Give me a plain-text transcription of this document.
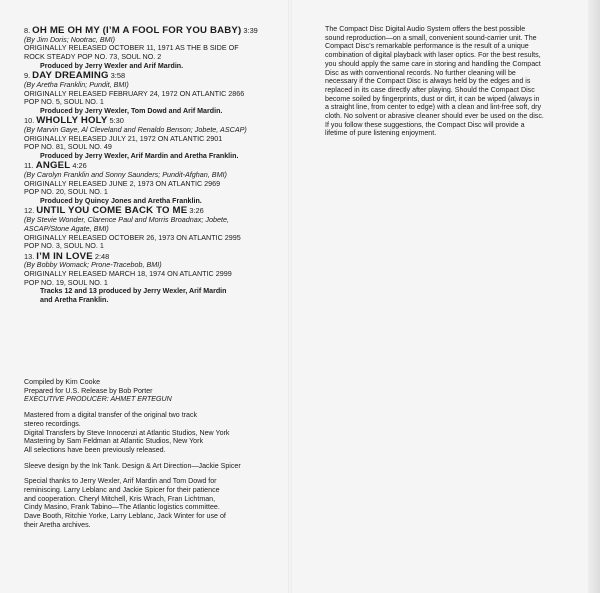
8. OH ME OH MY (I’M A FOOL FOR YOU BABY) 3:39
(By Jim Doris; Nootrac, BMI)
ORIGINALLY RELEASED OCTOBER 11, 1971 AS THE B SIDE OF
ROCK STEADY POP NO. 73, SOUL NO. 2
Produced by Jerry Wexler and Arif Mardin.
9. DAY DREAMING 3:58
(By Aretha Franklin; Pundit, BMI)
ORIGINALLY RELEASED FEBRUARY 24, 1972 ON ATLANTIC 2866
POP NO. 5, SOUL NO. 1
Produced by Jerry Wexler, Tom Dowd and Arif Mardin.
10. WHOLLY HOLY 5:30
(By Marvin Gaye, Al Cleveland and Renaldo Benson; Jobete, ASCAP)
ORIGINALLY RELEASED JULY 21, 1972 ON ATLANTIC 2901
POP NO. 81, SOUL NO. 49
Produced by Jerry Wexler, Arif Mardin and Aretha Franklin.
11. ANGEL 4:26
(By Carolyn Franklin and Sonny Saunders; Pundit-Afghan, BMI)
ORIGINALLY RELEASED JUNE 2, 1973 ON ATLANTIC 2969
POP NO. 20, SOUL NO. 1
Produced by Quincy Jones and Aretha Franklin.
12. UNTIL YOU COME BACK TO ME 3:26
(By Stevie Wonder, Clarence Paul and Morris Broadnax; Jobete,
ASCAP/Stone Agate, BMI)
ORIGINALLY RELEASED OCTOBER 26, 1973 ON ATLANTIC 2995
POP NO. 3, SOUL NO. 1
13. I’M IN LOVE 2:48
(By Bobby Womack; Prone-Tracebob, BMI)
ORIGINALLY RELEASED MARCH 18, 1974 ON ATLANTIC 2999
POP NO. 19, SOUL NO. 1
Tracks 12 and 13 produced by Jerry Wexler, Arif Mardin
and Aretha Franklin.

Compiled by Kim Cooke
Prepared for U.S. Release by Bob Porter
EXECUTIVE PRODUCER: AHMET ERTEGUN

Mastered from a digital transfer of the original two track
stereo recordings.
Digital Transfers by Steve Innocenzi at Atlantic Studios, New York
Mastering by Sam Feldman at Atlantic Studios, New York
All selections have been previously released.

Sleeve design by the Ink Tank. Design & Art Direction—Jackie Spicer

Special thanks to Jerry Wexler, Arif Mardin and Tom Dowd for
reminiscing. Larry Leblanc and Jackie Spicer for their patience
and cooperation. Cheryl Mitchell, Kris Wrach, Fran Lichtman,
Cindy Masino, Frank Tabino—The Atlantic logistics committee.
Dave Booth, Ritchie Yorke, Larry Leblanc, Jack Winter for use of
their Aretha archives.

The Compact Disc Digital Audio System offers the best possible
sound reproduction—on a small, convenient sound-carrier unit. The
Compact Disc’s remarkable performance is the result of a unique
combination of digital playback with laser optics. For the best results,
you should apply the same care in storing and handling the Compact
Disc as with conventional records. No further cleaning will be
necessary if the Compact Disc is always held by the edges and is
replaced in its case directly after playing. Should the Compact Disc
become soiled by fingerprints, dust or dirt, it can be wiped (always in
a straight line, from center to edge) with a clean and lint-free soft, dry
cloth. No solvent or abrasive cleaner should ever be used on the disc.
If you follow these suggestions, the Compact Disc will provide a
lifetime of pure listening enjoyment.
